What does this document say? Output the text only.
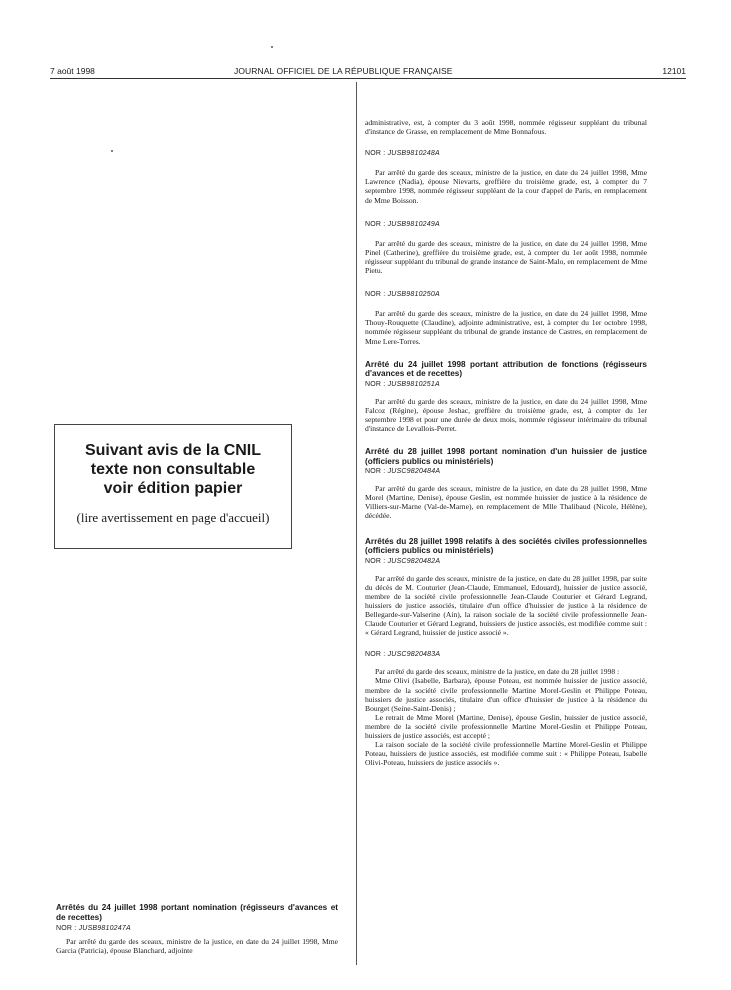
7 août 1998	JOURNAL OFFICIEL DE LA RÉPUBLIQUE FRANÇAISE	12101
Suivant avis de la CNIL
texte non consultable
voir édition papier
(lire avertissement en page d'accueil)

Arrêtés du 24 juillet 1998 portant nomination (régisseurs d'avances et de recettes)

NOR : JUSB9810247A

Par arrêté du garde des sceaux, ministre de la justice, en date du 24 juillet 1998, Mme Garcia (Patricia), épouse Blanchard, adjointe

administrative, est, à compter du 3 août 1998, nommée régisseur suppléant du tribunal d'instance de Grasse, en remplacement de Mme Bonnafous.

NOR : JUSB9810248A

Par arrêté du garde des sceaux, ministre de la justice, en date du 24 juillet 1998, Mme Lawrence (Nadia), épouse Nievarts, greffière du troisième grade, est, à compter du 7 septembre 1998, nommée régisseur suppléant de la cour d'appel de Paris, en remplacement de Mme Boisson.

NOR : JUSB9810249A

Par arrêté du garde des sceaux, ministre de la justice, en date du 24 juillet 1998, Mme Pinel (Catherine), greffière du troisième grade, est, à compter du 1er août 1998, nommée régisseur suppléant du tribunal de grande instance de Saint-Malo, en remplacement de Mme Pietu.

NOR : JUSB9810250A

Par arrêté du garde des sceaux, ministre de la justice, en date du 24 juillet 1998, Mme Thouy-Rouquette (Claudine), adjointe administrative, est, à compter du 1er octobre 1998, nommée régisseur suppléant du tribunal de grande instance de Castres, en remplacement de Mme Lere-Torres.

Arrêté du 24 juillet 1998 portant attribution de fonctions (régisseurs d'avances et de recettes)

NOR : JUSB9810251A

Par arrêté du garde des sceaux, ministre de la justice, en date du 24 juillet 1998, Mme Falcoz (Régine), épouse Jeshac, greffière du troisième grade, est, à compter du 1er septembre 1998 et pour une durée de deux mois, nommée régisseur intérimaire du tribunal d'instance de Levallois-Perret.

Arrêté du 28 juillet 1998 portant nomination d'un huissier de justice (officiers publics ou ministériels)

NOR : JUSC9820484A

Par arrêté du garde des sceaux, ministre de la justice, en date du 28 juillet 1998, Mme Morel (Martine, Denise), épouse Geslin, est nommée huissier de justice à la résidence de Villiers-sur-Marne (Val-de-Marne), en remplacement de Mlle Thalibaud (Nicole, Hélène), décédée.

Arrêtés du 28 juillet 1998 relatifs à des sociétés civiles professionnelles (officiers publics ou ministériels)

NOR : JUSC9820482A

Par arrêté du garde des sceaux, ministre de la justice, en date du 28 juillet 1998, par suite du décès de M. Couturier (Jean-Claude, Emmanuel, Edouard), huissier de justice associé, membre de la société civile professionnelle Jean-Claude Couturier et Gérard Legrand, huissiers de justice associés, titulaire d'un office d'huissier de justice à la résidence de Bellegarde-sur-Valserine (Ain), la raison sociale de la société civile professionnelle Jean-Claude Couturier et Gérard Legrand, huissiers de justice associés, est modifiée comme suit : « Gérard Legrand, huissier de justice associé ».

NOR : JUSC9820483A

Par arrêté du garde des sceaux, ministre de la justice, en date du 28 juillet 1998 :

Mme Olivi (Isabelle, Barbara), épouse Poteau, est nommée huissier de justice associé, membre de la société civile professionnelle Martine Morel-Geslin et Philippe Poteau, huissiers de justice associés, titulaire d'un office d'huissier de justice à la résidence du Bourget (Seine-Saint-Denis) ;

Le retrait de Mme Morel (Martine, Denise), épouse Geslin, huissier de justice associé, membre de la société civile professionnelle Martine Morel-Geslin et Philippe Poteau, huissiers de justice associés, est accepté ;

La raison sociale de la société civile professionnelle Martine Morel-Geslin et Philippe Poteau, huissiers de justice associés, est modifiée comme suit : « Philippe Poteau, Isabelle Olivi-Poteau, huissiers de justice associés ».
